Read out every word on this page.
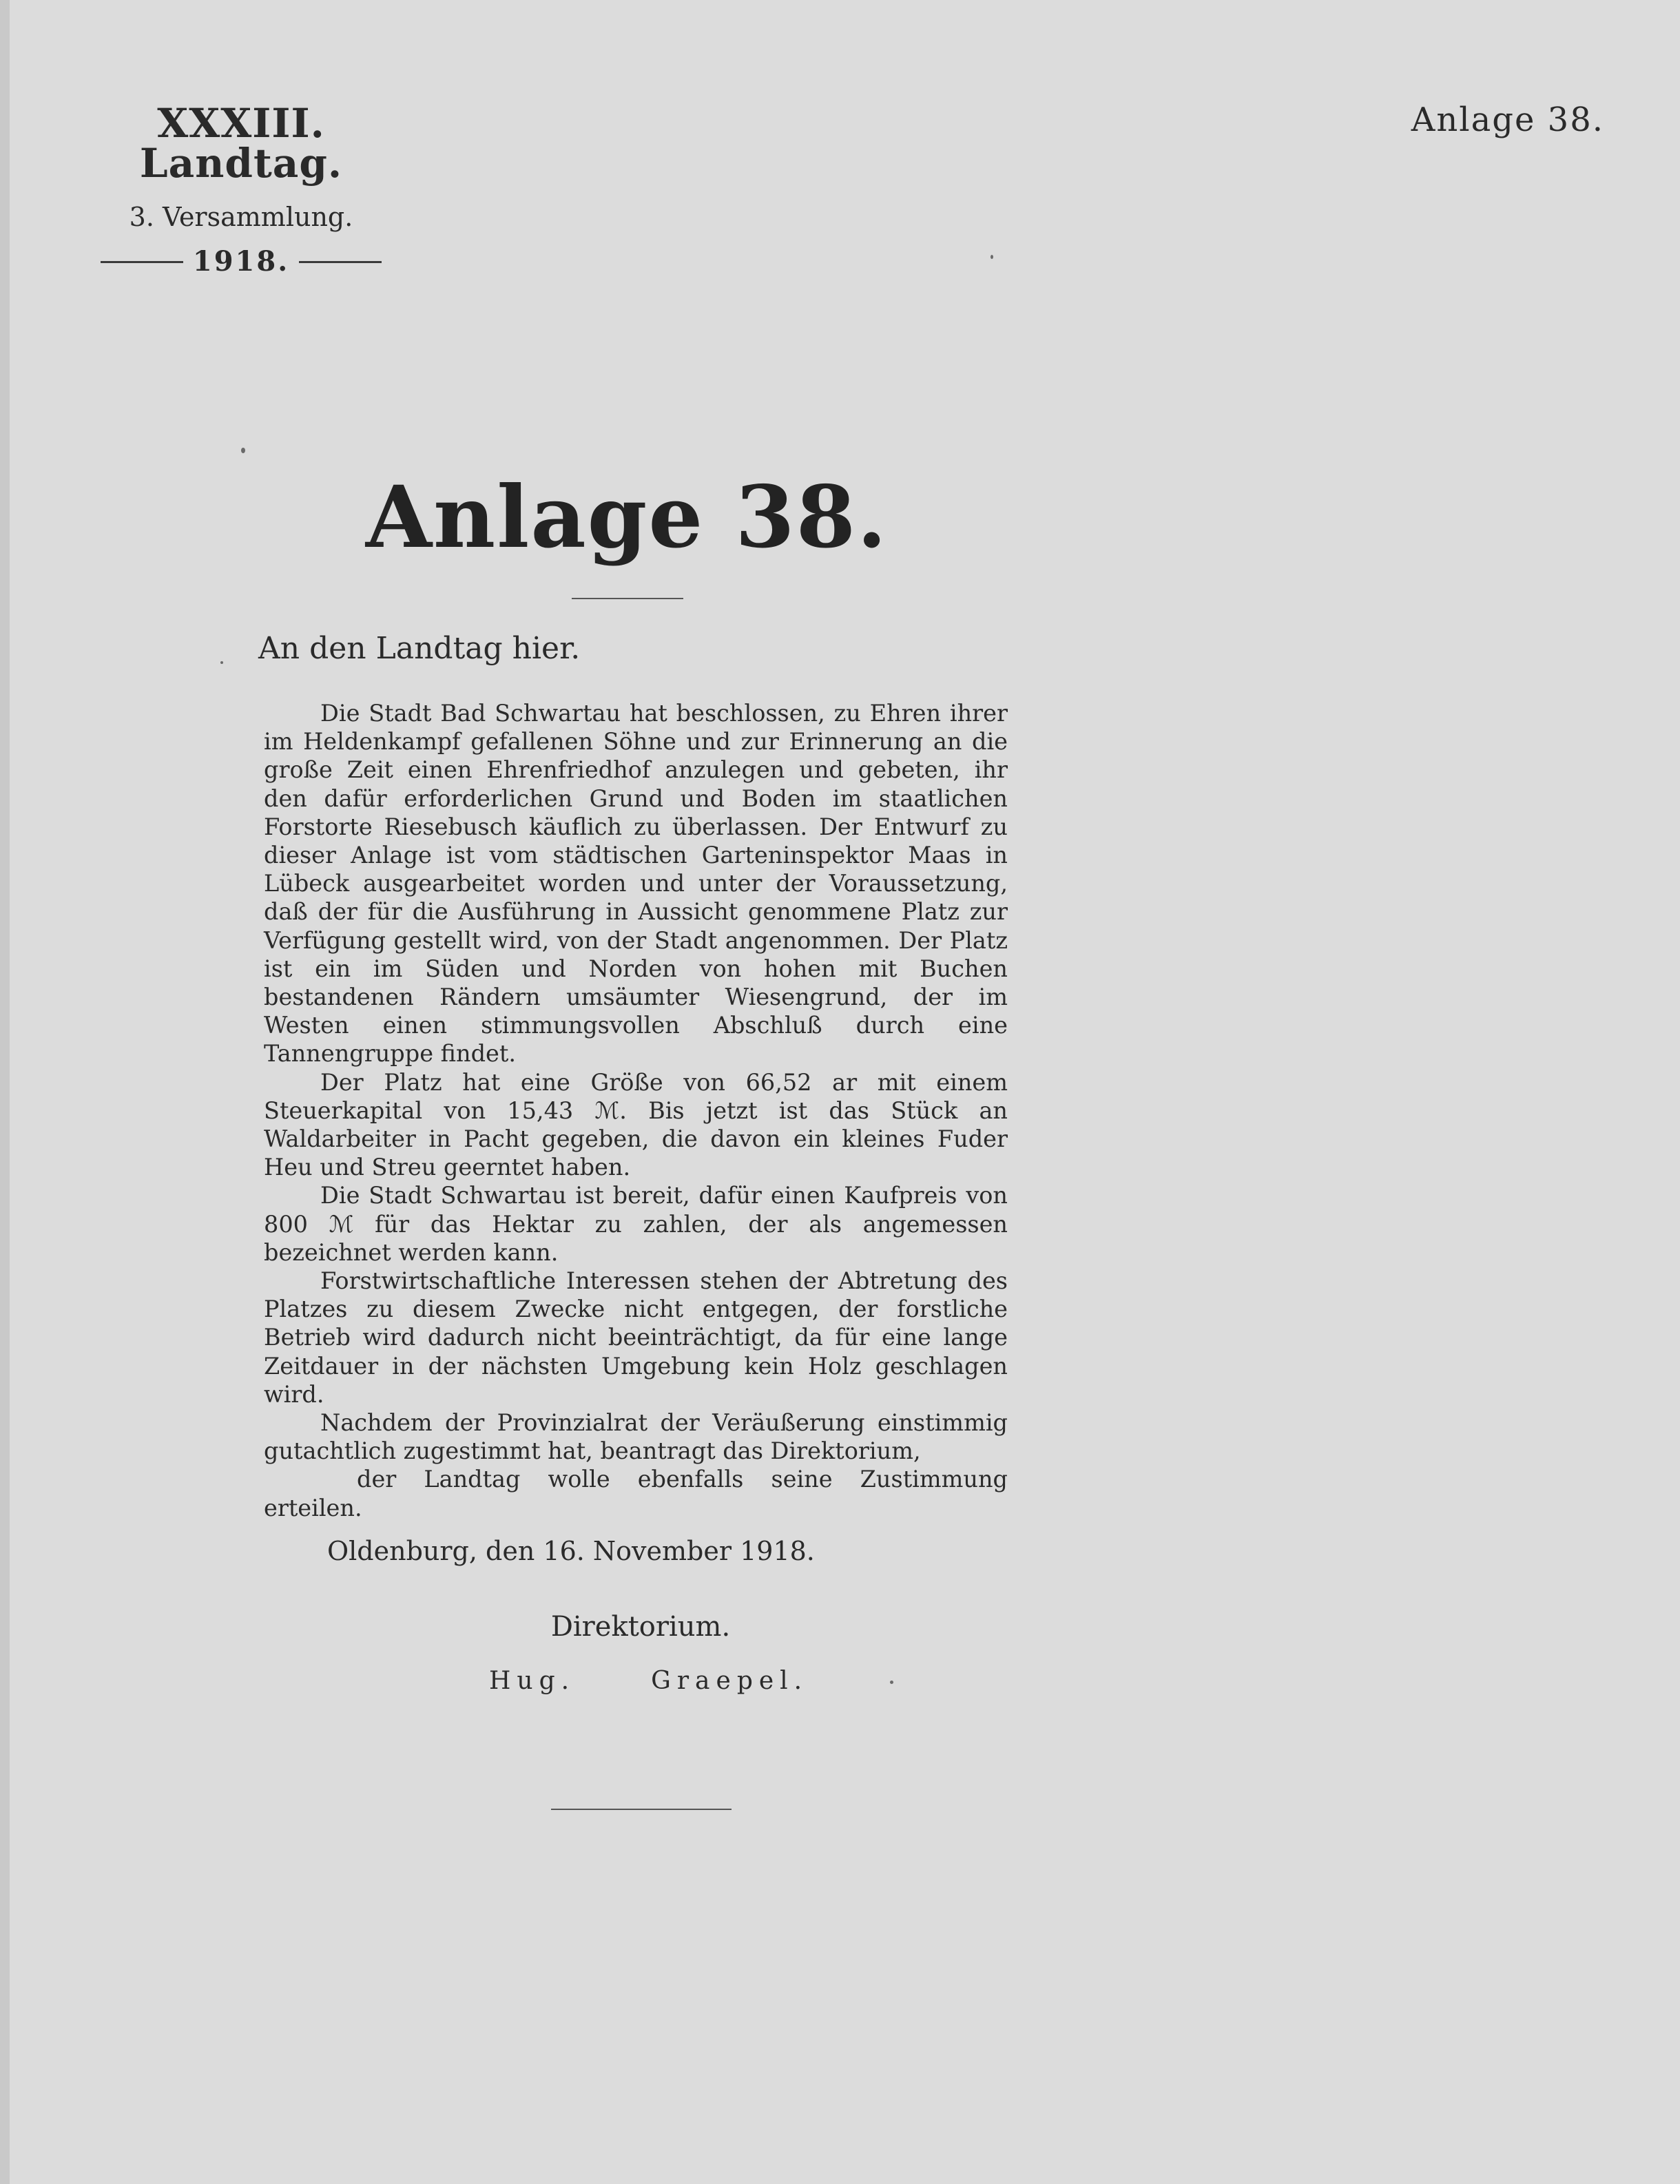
XXXIII. Landtag.
3. Versammlung.
1918.
Anlage 38.
Anlage 38.
An den Landtag hier.

Die Stadt Bad Schwartau hat beschlossen, zu Ehren ihrer im Heldenkampf gefallenen Söhne und zur Erinnerung an die große Zeit einen Ehrenfriedhof anzulegen und gebeten, ihr den dafür erforderlichen Grund und Boden im staatlichen Forstorte Riesebusch käuflich zu überlassen. Der Entwurf zu dieser Anlage ist vom städtischen Garteninspektor Maas in Lübeck ausgearbeitet worden und unter der Voraussetzung, daß der für die Ausführung in Aussicht genommene Platz zur Verfügung gestellt wird, von der Stadt angenommen. Der Platz ist ein im Süden und Norden von hohen mit Buchen bestandenen Rändern umsäumter Wiesengrund, der im Westen einen stimmungsvollen Abschluß durch eine Tannengruppe findet.

Der Platz hat eine Größe von 66,52 ar mit einem Steuerkapital von 15,43 ℳ. Bis jetzt ist das Stück an Waldarbeiter in Pacht gegeben, die davon ein kleines Fuder Heu und Streu geerntet haben.

Die Stadt Schwartau ist bereit, dafür einen Kaufpreis von 800 ℳ für das Hektar zu zahlen, der als angemessen bezeichnet werden kann.

Forstwirtschaftliche Interessen stehen der Abtretung des Platzes zu diesem Zwecke nicht entgegen, der forstliche Betrieb wird dadurch nicht beeinträchtigt, da für eine lange Zeitdauer in der nächsten Umgebung kein Holz geschlagen wird.

Nachdem der Provinzialrat der Veräußerung einstimmig gutachtlich zugestimmt hat, beantragt das Direktorium,

der Landtag wolle ebenfalls seine Zustimmung erteilen.

Oldenburg, den 16. November 1918.
Direktorium.
Hug.	Graepel.
